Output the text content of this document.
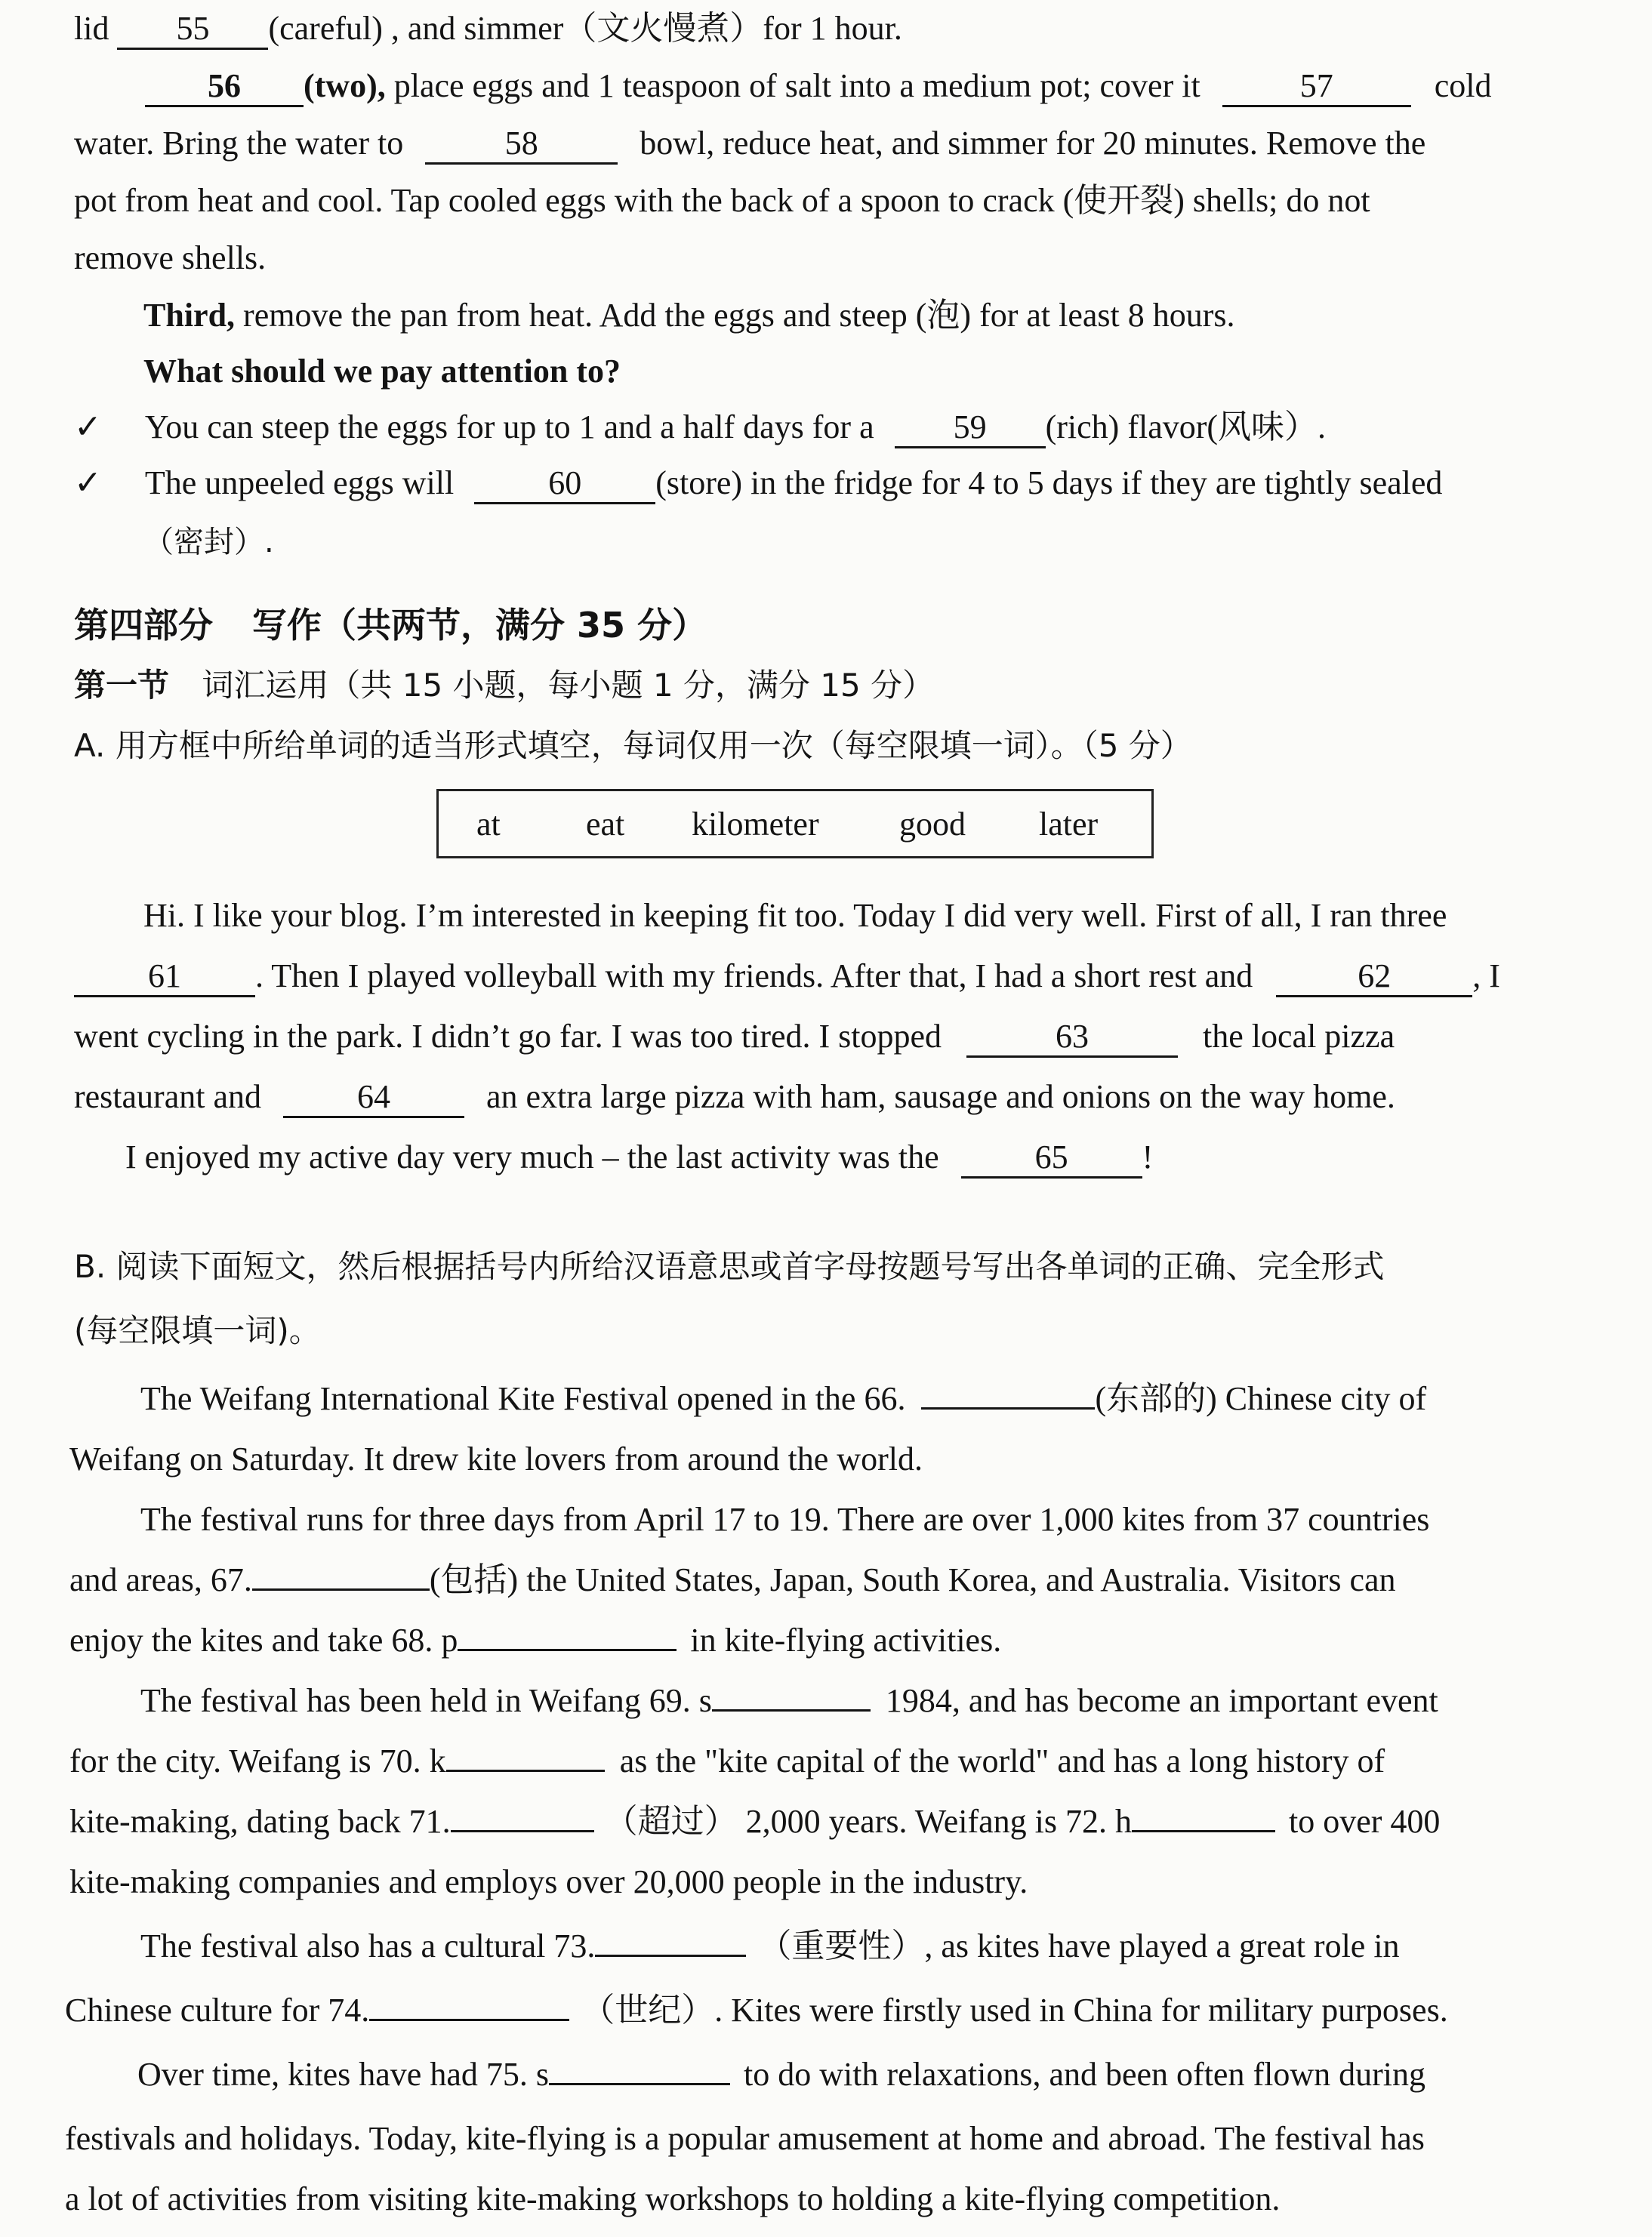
lid 55 (careful) , and simmer（文火慢煮）for 1 hour.
56 (two), place eggs and 1 teaspoon of salt into a medium pot; cover it	57	cold
water. Bring the water to	58	bowl, reduce heat, and simmer for 20 minutes. Remove the
pot from heat and cool. Tap cooled eggs with the back of a spoon to crack (使开裂) shells; do not
remove shells.
Third, remove the pan from heat. Add the eggs and steep (泡) for at least 8 hours.
What should we pay attention to?
✓ You can steep the eggs for up to 1 and a half days for a 59 (rich) flavor(风味）.
✓ The unpeeled eggs will	60 (store) in the fridge for 4 to 5 days if they are tightly sealed
（密封）.
第四部分 写作（共两节，满分 35 分）
第一节 词汇运用（共 15 小题，每小题 1 分，满分 15 分）
A. 用方框中所给单词的适当形式填空，每词仅用一次（每空限填一词）。（5 分）
at	eat kilometer good later
Hi. I like your blog. I’m interested in keeping fit too. Today I did very well. First of all, I ran three
61 . Then I played volleyball with my friends. After that, I had a short rest and	62 , I
went cycling in the park. I didn’t go far. I was too tired. I stopped	63	the local pizza
restaurant and	64	an extra large pizza with ham, sausage and onions on the way home.
I enjoyed my active day very much – the last activity was the	65 !
B. 阅读下面短文，然后根据括号内所给汉语意思或首字母按题号写出各单词的正确、完全形式
(每空限填一词)。
The Weifang International Kite Festival opened in the 66.	(东部的) Chinese city of
Weifang on Saturday. It drew kite lovers from around the world.
The festival runs for three days from April 17 to 19. There are over 1,000 kites from 37 countries
and areas, 67.	(包括) the United States, Japan, South Korea, and Australia. Visitors can
enjoy the kites and take 68. p	in kite-flying activities.
The festival has been held in Weifang 69. s	1984, and has become an important event
for the city. Weifang is 70. k	as the "kite capital of the world" and has a long history of
kite-making, dating back 71.	（超过） 2,000 years. Weifang is 72. h	to over 400
kite-making companies and employs over 20,000 people in the industry.
The festival also has a cultural 73.	（重要性）, as kites have played a great role in
Chinese culture for 74.	（世纪）. Kites were firstly used in China for military purposes.
Over time, kites have had 75. s	to do with relaxations, and been often flown during
festivals and holidays. Today, kite-flying is a popular amusement at home and abroad. The festival has
a lot of activities from visiting kite-making workshops to holding a kite-flying competition.
